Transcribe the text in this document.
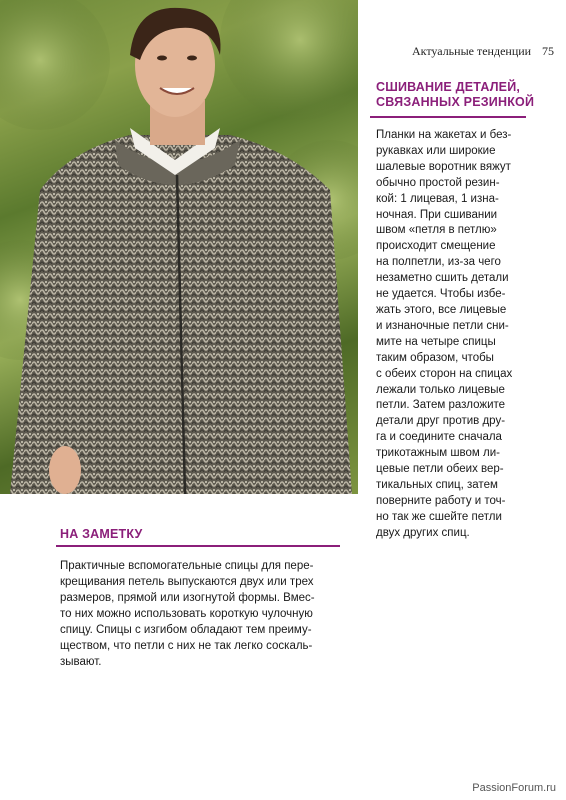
Актуальные тенденции 75
СШИВАНИЕ ДЕТАЛЕЙ,
СВЯЗАННЫХ РЕЗИНКОЙ
Планки на жакетах и без-
рукавках или широкие
шалевые воротник вяжут
обычно простой резин-
кой: 1 лицевая, 1 изна-
ночная. При сшивании
швом «петля в петлю»
происходит смещение
на полпетли, из-за чего
незаметно сшить детали
не удается. Чтобы избе-
жать этого, все лицевые
и изнаночные петли сни-
мите на четыре спицы
таким образом, чтобы
с обеих сторон на спицах
лежали только лицевые
петли. Затем разложите
детали друг против дру-
га и соедините сначала
трикотажным швом ли-
цевые петли обеих вер-
тикальных спиц, затем
поверните работу и точ-
но так же сшейте петли
двух других спиц.
НА ЗАМЕТКУ
Практичные вспомогательные спицы для пере-
крещивания петель выпускаются двух или трех
размеров, прямой или изогнутой формы. Вмес-
то них можно использовать короткую чулочную
спицу. Спицы с изгибом обладают тем преиму-
ществом, что петли с них не так легко соскаль-
зывают.
PassionForum.ru
